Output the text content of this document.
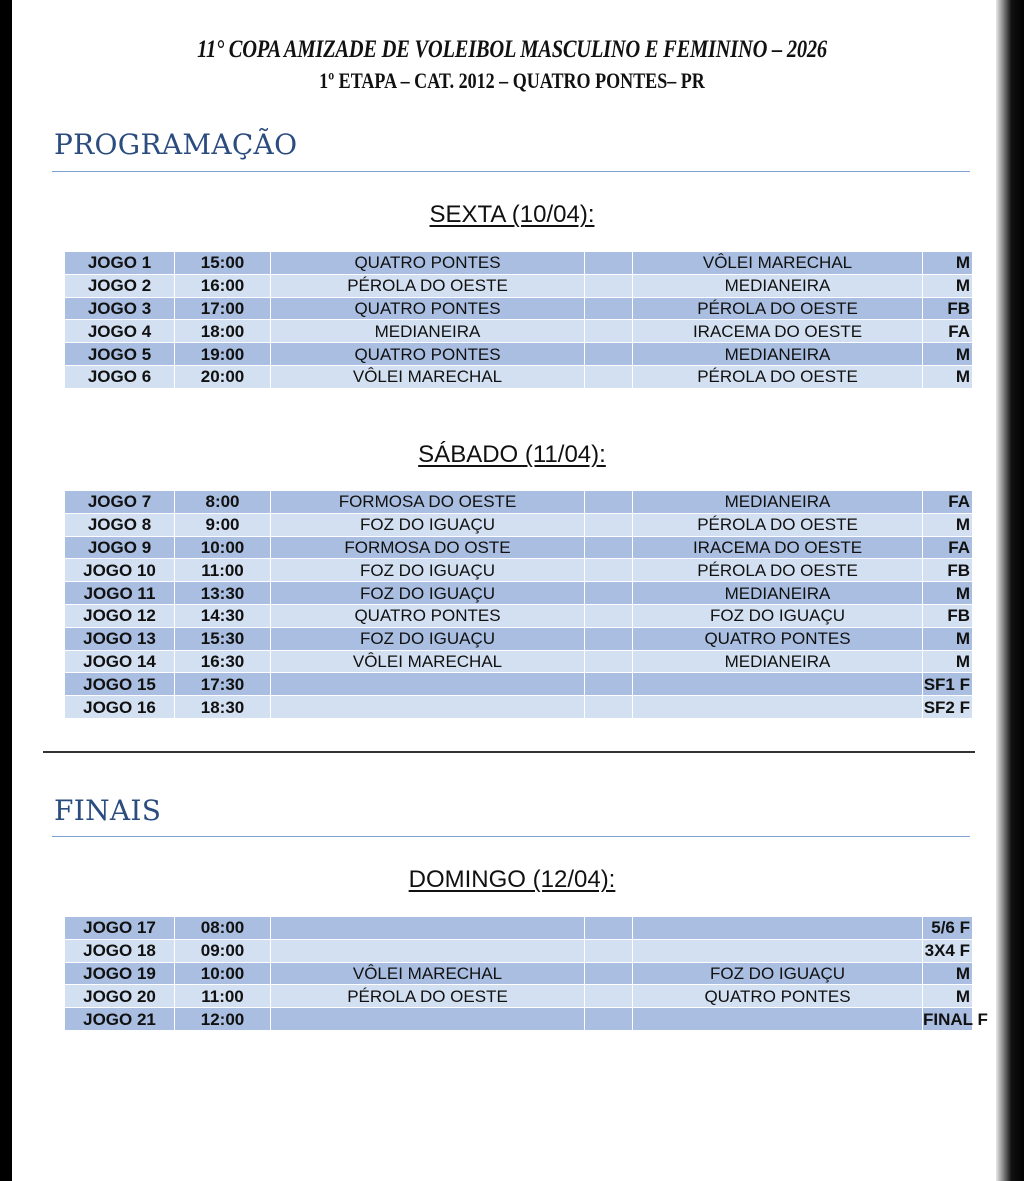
11° COPA AMIZADE DE VOLEIBOL MASCULINO E FEMININO – 2026
1º ETAPA – CAT. 2012 – QUATRO PONTES– PR
PROGRAMAÇÃO
SEXTA (10/04):
JOGO 1	15:00	QUATRO PONTES		VÔLEI MARECHAL	M
JOGO 2	16:00	PÉROLA DO OESTE		MEDIANEIRA	M
JOGO 3	17:00	QUATRO PONTES		PÉROLA DO OESTE	FB
JOGO 4	18:00	MEDIANEIRA		IRACEMA DO OESTE	FA
JOGO 5	19:00	QUATRO PONTES		MEDIANEIRA	M
JOGO 6	20:00	VÔLEI MARECHAL		PÉROLA DO OESTE	M
SÁBADO (11/04):
JOGO 7	8:00	FORMOSA DO OESTE		MEDIANEIRA	FA
JOGO 8	9:00	FOZ DO IGUAÇU		PÉROLA DO OESTE	M
JOGO 9	10:00	FORMOSA DO OSTE		IRACEMA DO OESTE	FA
JOGO 10	11:00	FOZ DO IGUAÇU		PÉROLA DO OESTE	FB
JOGO 11	13:30	FOZ DO IGUAÇU		MEDIANEIRA	M
JOGO 12	14:30	QUATRO PONTES		FOZ DO IGUAÇU	FB
JOGO 13	15:30	FOZ DO IGUAÇU		QUATRO PONTES	M
JOGO 14	16:30	VÔLEI MARECHAL		MEDIANEIRA	M
JOGO 15	17:30				SF1 F
JOGO 16	18:30				SF2 F
FINAIS
DOMINGO (12/04):
JOGO 17	08:00				5/6 F
JOGO 18	09:00				3X4 F
JOGO 19	10:00	VÔLEI MARECHAL		FOZ DO IGUAÇU	M
JOGO 20	11:00	PÉROLA DO OESTE		QUATRO PONTES	M
JOGO 21	12:00				FINAL F
